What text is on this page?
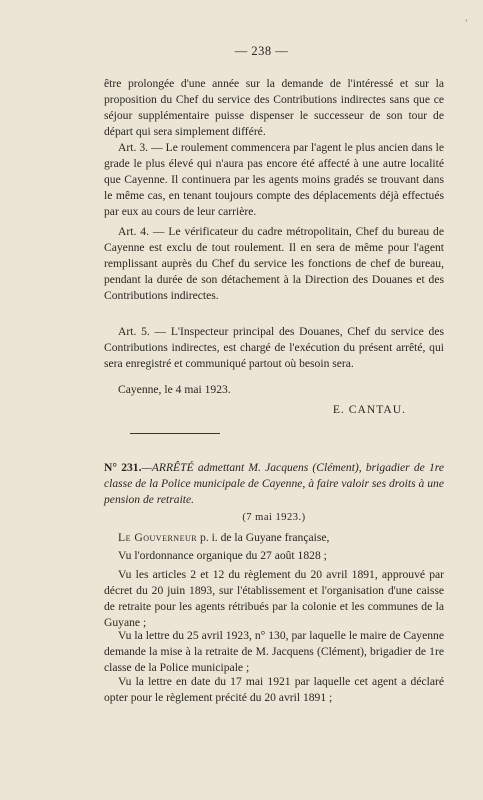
'
— 238 —

être prolongée d'une année sur la demande de l'intéressé et sur la proposition du Chef du service des Contributions indirectes sans que ce séjour supplémentaire puisse dispenser le successeur de son tour de départ qui sera simplement différé.

Art. 3. — Le roulement commencera par l'agent le plus ancien dans le grade le plus élevé qui n'aura pas encore été affecté à une autre localité que Cayenne. Il continuera par les agents moins gradés se trouvant dans le même cas, en tenant toujours compte des déplacements déjà effectués par eux au cours de leur carrière.

Art. 4. — Le vérificateur du cadre métropolitain, Chef du bureau de Cayenne est exclu de tout roulement. Il en sera de même pour l'agent remplissant auprès du Chef du service les fonctions de chef de bureau, pendant la durée de son détachement à la Direction des Douanes et des Contributions indirectes.

Art. 5. — L'Inspecteur principal des Douanes, Chef du service des Contributions indirectes, est chargé de l'exécution du présent arrêté, qui sera enregistré et communiqué partout où besoin sera.

Cayenne, le 4 mai 1923.

E. CANTAU.

N° 231.—ARRÊTÉ admettant M. Jacquens (Clément), brigadier de 1re classe de la Police municipale de Cayenne, à faire valoir ses droits à une pension de retraite.

(7 mai 1923.)

Le Gouverneur p. i. de la Guyane française,

Vu l'ordonnance organique du 27 août 1828 ;

Vu les articles 2 et 12 du règlement du 20 avril 1891, approuvé par décret du 20 juin 1893, sur l'établissement et l'organisation d'une caisse de retraite pour les agents rétribués par la colonie et les communes de la Guyane ;

Vu la lettre du 25 avril 1923, n° 130, par laquelle le maire de Cayenne demande la mise à la retraite de M. Jacquens (Clément), brigadier de 1re classe de la Police municipale ;

Vu la lettre en date du 17 mai 1921 par laquelle cet agent a déclaré opter pour le règlement précité du 20 avril 1891 ;
